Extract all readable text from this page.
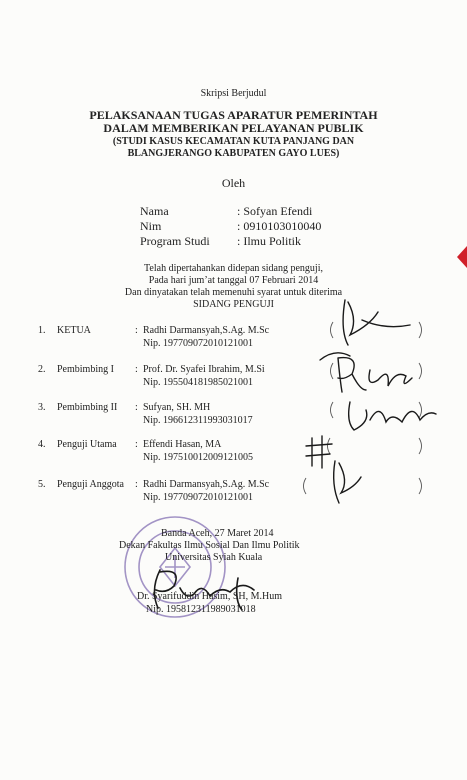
Skripsi Berjudul
PELAKSANAAN TUGAS APARATUR PEMERINTAH
DALAM MEMBERIKAN PELAYANAN PUBLIK
(STUDI KASUS KECAMATAN KUTA PANJANG DAN
BLANGJERANGO KABUPATEN GAYO LUES)
Oleh
Nama	: Sofyan Efendi
Nim	: 0910103010040
Program Studi : Ilmu Politik
Telah dipertahankan didepan sidang penguji,
Pada hari jum’at tanggal 07 Februari 2014
Dan dinyatakan telah memenuhi syarat untuk diterima
SIDANG PENGUJI
1. KETUA	: Radhi Darmansyah,S.Ag. M.Sc
Nip. 197709072010121001
2. Pembimbing I : Prof. Dr. Syafei Ibrahim, M.Si
Nip. 195504181985021001
3. Pembimbing II : Sufyan, SH. MH
Nip. 196612311993031017
4. Penguji Utama : Effendi Hasan, MA
Nip. 197510012009121005
5. Penguji Anggota : Radhi Darmansyah,S.Ag. M.Sc
Nip. 197709072010121001
Banda Aceh, 27 Maret 2014
Dekan Fakultas Ilmu Sosial Dan Ilmu Politik
Universitas Syiah Kuala
Dr. Syarifuddin Hasim, SH, M.Hum
Nip. 195812311989031018
